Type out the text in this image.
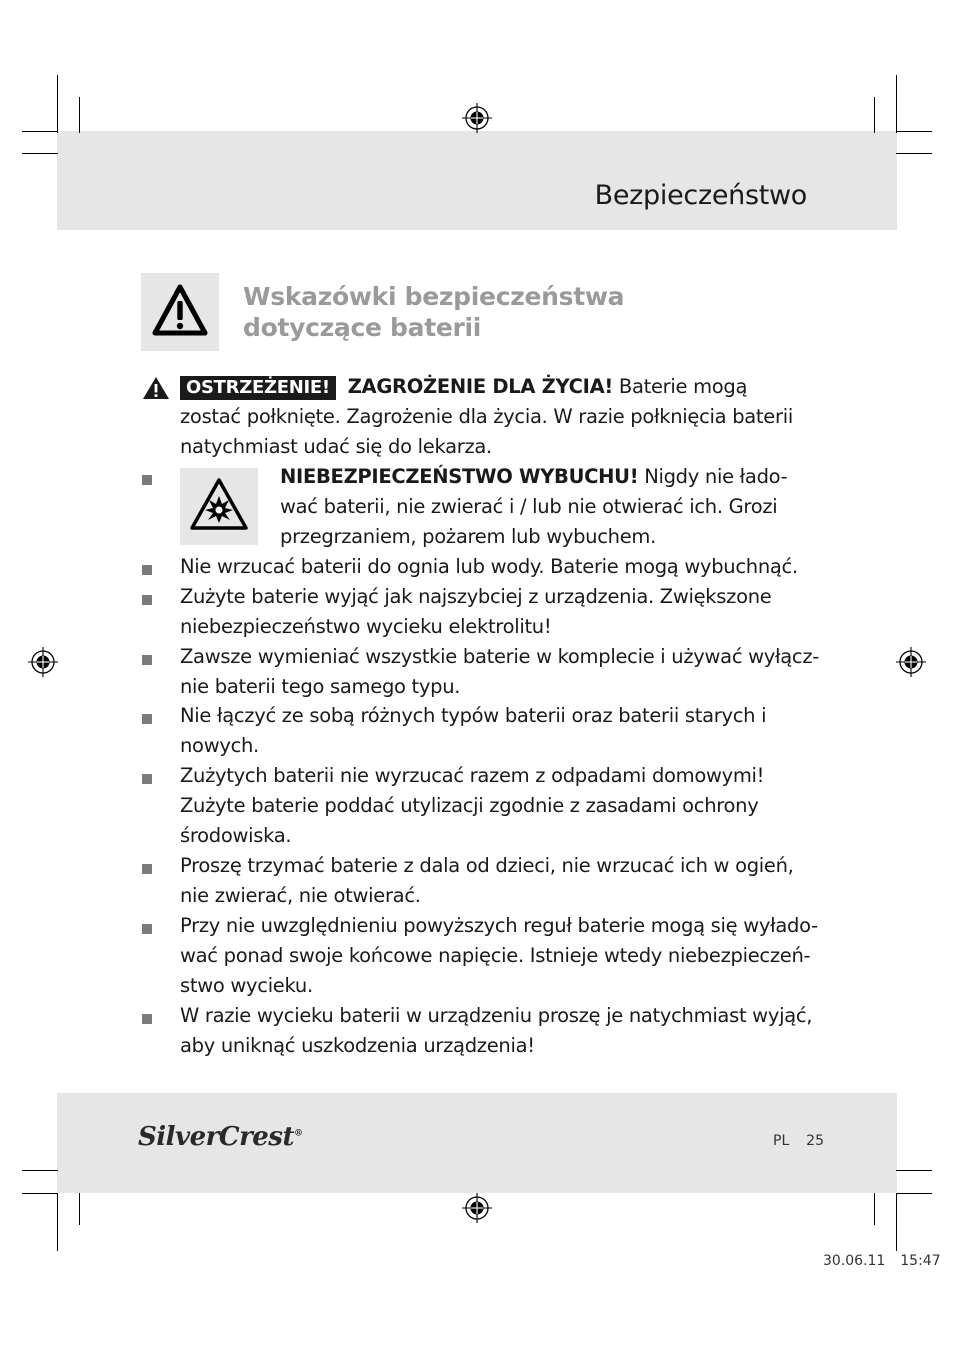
Bezpieczeństwo
Wskazówki bezpieczeństwa
dotyczące baterii
OSTRZEŻENIE! ZAGROŻENIE DLA ŻYCIA! Baterie mogą
zostać połknięte. Zagrożenie dla życia. W razie połknięcia baterii
natychmiast udać się do lekarza.
NIEBEZPIECZEŃSTWO WYBUCHU! Nigdy nie łado-
wać baterii, nie zwierać i / lub nie otwierać ich. Grozi
przegrzaniem, pożarem lub wybuchem.
Nie wrzucać baterii do ognia lub wody. Baterie mogą wybuchnąć.
Zużyte baterie wyjąć jak najszybciej z urządzenia. Zwiększone
niebezpieczeństwo wycieku elektrolitu!
Zawsze wymieniać wszystkie baterie w komplecie i używać wyłącz-
nie baterii tego samego typu.
Nie łączyć ze sobą różnych typów baterii oraz baterii starych i
nowych.
Zużytych baterii nie wyrzucać razem z odpadami domowymi!
Zużyte baterie poddać utylizacji zgodnie z zasadami ochrony
środowiska.
Proszę trzymać baterie z dala od dzieci, nie wrzucać ich w ogień,
nie zwierać, nie otwierać.
Przy nie uwzględnieniu powyższych reguł baterie mogą się wyłado-
wać ponad swoje końcowe napięcie. Istnieje wtedy niebezpieczeń-
stwo wycieku.
W razie wycieku baterii w urządzeniu proszę je natychmiast wyjąć,
aby uniknąć uszkodzenia urządzenia!
SilverCrest®	PL 25
30.06.11 15:47
